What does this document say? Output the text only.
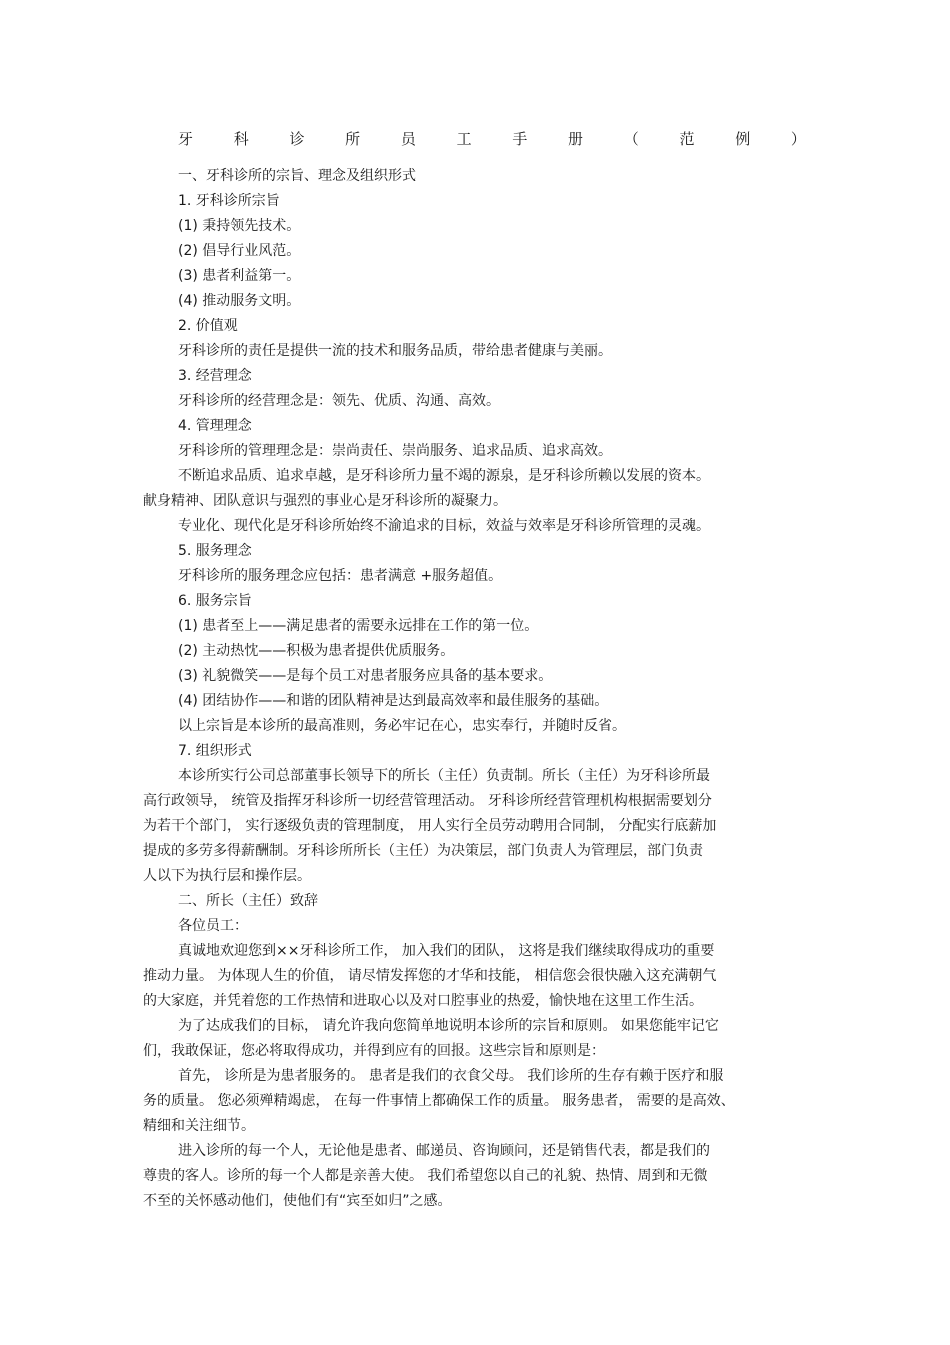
牙	科	诊	所	员	工	手	册	（	范	例	）
一、牙科诊所的宗旨、理念及组织形式
1. 牙科诊所宗旨
(1) 秉持领先技术。
(2) 倡导行业风范。
(3) 患者利益第一。
(4) 推动服务文明。
2. 价值观
牙科诊所的责任是提供一流的技术和服务品质，带给患者健康与美丽。
3. 经营理念
牙科诊所的经营理念是：领先、优质、沟通、高效。
4. 管理理念
牙科诊所的管理理念是：崇尚责任、崇尚服务、追求品质、追求高效。
不断追求品质、追求卓越，是牙科诊所力量不竭的源泉，是牙科诊所赖以发展的资本。
献身精神、团队意识与强烈的事业心是牙科诊所的凝聚力。
专业化、现代化是牙科诊所始终不渝追求的目标，效益与效率是牙科诊所管理的灵魂。
5. 服务理念
牙科诊所的服务理念应包括：患者满意 +服务超值。
6. 服务宗旨
(1) 患者至上——满足患者的需要永远排在工作的第一位。
(2) 主动热忱——积极为患者提供优质服务。
(3) 礼貌微笑——是每个员工对患者服务应具备的基本要求。
(4) 团结协作——和谐的团队精神是达到最高效率和最佳服务的基础。
以上宗旨是本诊所的最高准则，务必牢记在心，忠实奉行，并随时反省。
7. 组织形式
本诊所实行公司总部董事长领导下的所长（主任）负责制。所长（主任）为牙科诊所最
高行政领导， 统管及指挥牙科诊所一切经营管理活动。 牙科诊所经营管理机构根据需要划分
为若干个部门， 实行逐级负责的管理制度， 用人实行全员劳动聘用合同制， 分配实行底薪加
提成的多劳多得薪酬制。牙科诊所所长（主任）为决策层，部门负责人为管理层，部门负责
人以下为执行层和操作层。
二、所长（主任）致辞
各位员工：
真诚地欢迎您到××牙科诊所工作， 加入我们的团队， 这将是我们继续取得成功的重要
推动力量。 为体现人生的价值， 请尽情发挥您的才华和技能， 相信您会很快融入这充满朝气
的大家庭，并凭着您的工作热情和进取心以及对口腔事业的热爱，愉快地在这里工作生活。
为了达成我们的目标， 请允许我向您简单地说明本诊所的宗旨和原则。 如果您能牢记它
们，我敢保证，您必将取得成功，并得到应有的回报。这些宗旨和原则是：
首先， 诊所是为患者服务的。 患者是我们的衣食父母。 我们诊所的生存有赖于医疗和服
务的质量。 您必须殚精竭虑， 在每一件事情上都确保工作的质量。 服务患者， 需要的是高效、
精细和关注细节。
进入诊所的每一个人，无论他是患者、邮递员、咨询顾问，还是销售代表，都是我们的
尊贵的客人。诊所的每一个人都是亲善大使。 我们希望您以自己的礼貌、热情、周到和无微
不至的关怀感动他们，使他们有“宾至如归”之感。
